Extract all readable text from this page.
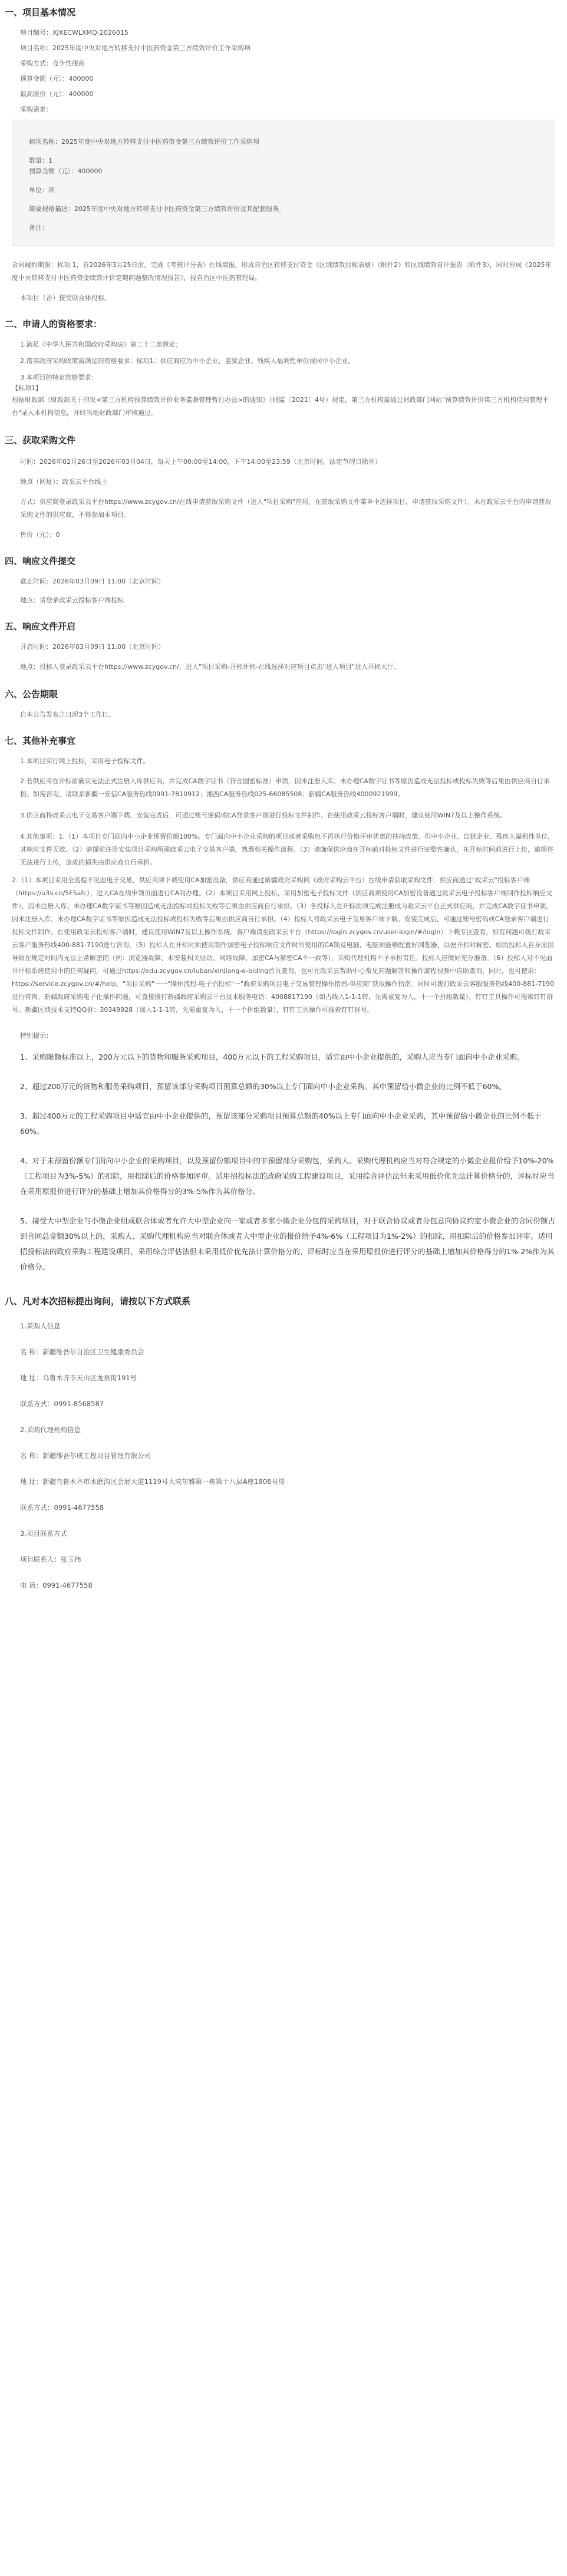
一、项目基本情况

项目编号：XJXECWLXMQ-2026015

项目名称：2025年度中央对地方转移支付中医药资金第三方绩效评价工作采购项

采购方式：竞争性磋商

预算金额（元）：400000

最高限价（元）：400000

采购需求：

标项名称：2025年度中央对地方转移支付中医药资金第三方绩效评价工作采购项

数量：1

预算金额（元）：400000

单位：项

简要规格描述：2025年度中央对地方转移支付中医药资金第三方绩效评价及其配套服务。

备注：

合同履约期限：标项 1，自2026年3月25日前，完成《考核评分表》在线填报，形成自治区转移支付资金（区域绩效目标表格）《附件2》和区域绩效自评报告（附件3），同时形成《2025年度中央转移支付中医药资金绩效评价定期问题整改情况报告》，报自治区中医药管理局。

本项目（否）接受联合体投标。

二、申请人的资格要求：

1.满足《中华人民共和国政府采购法》第二十二条规定；

2.落实政府采购政策需满足的资格要求：标项1：供应商应为中小企业，监狱企业、残疾人福利性单位视同中小企业。

3.本项目的特定资格要求：

【标项1】

根据财政部《财政部关于印发<第三方机构预算绩效评价业务监督管理暂行办法>的通知》（财监〔2021〕4号）规定，第三方机构需通过财政部门网站"预算绩效评价第三方机构信用管理平台"录入本机构信息，并经当地财政部门审核通过。

三、获取采购文件

时间：2026年02月26日至2026年03月04日，每天上午00:00至14:00，下午14:00至23:59（北京时间，法定节假日除外）

地点（网址）：政采云平台线上

方式：供应商登录政采云平台https://www.zcygov.cn/在线申请获取采购文件（进入"项目采购"应用，在获取采购文件菜单中选择项目，申请获取采购文件）。未在政采云平台内申请获取采购文件的供应商，不得参加本项目。

售价（元）：0

四、响应文件提交

截止时间：2026年03月09日 11:00（北京时间）

地点：请登录政采云投标客户端投标

五、响应文件开启

开启时间：2026年03月09日 11:00（北京时间）

地点：投标人登录政采云平台https://www.zcygov.cn/，进入"项目采购-开标评标-在线选择对应项目点击"进入项目"进入开标大厅。

六、公告期限

自本公告发布之日起3个工作日。

七、其他补充事宜

1.本项目实行网上投标，采用电子投标文件。

2.若供应商在开标前确实无法正式注册入库供应商，并完成CA数字证书（符合国密标准）申领，因未注册入库、未办理CA数字证书等原因造成无法投标或投标失败等后果由供应商自行承担。如需咨询，请联系新疆一安信CA服务热线0991-7810912；湘西CA服务热线025-66085508；新疆CA服务热线4000921999。

3.供应商将政采云电子交易客户端下载、安装完成后，可通过账号密码或CA登录客户端进行投标文件制作。在使用政采云投标客户端时，建议使用WIN7及以上操作系统。

4.其他事项：1.（1）本项目专门面向中小企业预留份额100%。专门面向中小企业采购的项目或者采购包不再执行价格评审优惠的扶持政策。但中小企业、监狱企业、残疾人福利性单位，其响应文件无效。（2）请提前注册安装项目采购所需政采云电子交易客户端，熟悉相关操作流程。（3）请确保供应商在开标前对投标文件进行完整性确认，在开标时间前进行上传，逾期将无法进行上传，造成的损失由供应商自行承担。

2.（1）本项目采用全流程不见面电子交易，供应商须下载使用CA加密设备，供应商通过新疆政府采购网（政府采购云平台）在线申请获取采购文件，供应商通过"政采云"投标客户端（https://u3v.cn/5F5afc），进入CA在线申领页面进行CA的办理。（2）本项目采用网上投标，采用加密电子投标文件（供应商须使用CA加密设备通过政采云电子投标客户端制作投标响应文件），因未注册入库、未办理CA数字证书等原因造成无法投标或投标失败等后果由供应商自行承担。（3）各投标人在开标前须完成注册成为政采云平台正式供应商，并完成CA数字证书申领，因未注册入库、未办理CA数字证书等原因造成无法投标或投标失败等后果由供应商自行承担。（4）投标人将政采云电子交易客户端下载、安装完成后，可通过账号密码或CA登录客户端进行投标文件制作。在使用政采云投标客户端时，建议使用WIN7及以上操作系统。客户端请至政采云平台（https://login.zcygov.cn/user-login/#/login）下载专区查看，如有问题可拨打政采云客户服务热线400-881-7190进行咨询。（5）投标人在开标时须使用制作加密电子投标响应文件时所使用的CA锁及电脑，电脑须能够配置好浏览器，以便开标时解密。如因投标人自身原因导致在规定时间内无法正常解密的（例：浏览器故障、未安装相关驱动、网络故障、加密CA与解密CA不一致等），采购代理机构不予承担责任。投标人应做好充分准备。（6）投标人对不见面开评标系统使用中的任何疑问，可通过https://edu.zcygov.cn/luban/xinjiang-e-biding首页查询，也可在政采云帮助中心常见问题解答和操作流程视频中自助查询，同时，也可使用：https://service.zcygov.cn/#/help，"项目采购"一一"操作流程-电子招投标"一"政府采购项目电子交易管理操作指南-供应商"获取操作指南。同时可拨打政采云客服服务热线400-881-7190进行咨询。新疆政府采购电子化操作问题，可直接拨打新疆政府采购云平台技术服务电话：4008817190（如占线入1-1-1转，先需重复为人，十一个拼组数量），钉钉工具操作可搜索钉钉群号。新疆区域技术支持QQ群：30349928（加入1-1-1转，先需重复为人，十一个拼组数量），钉钉工具操作可搜索钉钉群号。

特别提示：

1、采购限额标准以上，200万元以下的货物和服务采购项目，400万元以下的工程采购项目，适宜由中小企业提供的，采购人应当专门面向中小企业采购。

2、超过200万元的货物和服务采购项目，预留该部分采购项目预算总额的30%以上专门面向中小企业采购。其中预留给小微企业的比例不低于60%。

3、超过400万元的工程采购项目中适宜由中小企业提供的，预留该部分采购项目预算总额的40%以上专门面向中小企业采购，其中预留给小微企业的比例不低于60%。

4、对于未预留份额专门面向中小企业的采购项目，以及预留份额项目中的非预留部分采购包，采购人、采购代理机构应当对符合规定的小微企业报价给予10%-20%（工程项目为3%-5%）的扣除，用扣除后的价格参加评审。适用招投标法的政府采购工程建设项目，采用综合评估法但未采用低价优先法计算价格分的，评标时应当在采用原报价进行评分的基础上增加其价格得分的3%-5%作为其价格分。

5、接受大中型企业与小微企业组成联合体或者允许大中型企业向一家或者多家小微企业分包的采购项目，对于联合协议或者分包意向协议约定小微企业的合同份额占到合同总金额30%以上的，采购人、采购代理机构应当对联合体或者大中型企业的报价给予4%-6%（工程项目为1%-2%）的扣除，用扣除后的价格参加评审。适用招投标法的政府采购工程建设项目，采用综合评估法但未采用低价优先法计算价格分的，评标时应当在采用原报价进行评分的基础上增加其价格得分的1%-2%作为其价格分。

八、凡对本次招标提出询问，请按以下方式联系

1.采购人信息

名 称：新疆维吾尔自治区卫生健康委员会

地 址：乌鲁木齐市天山区龙泉街191号

联系方式：0991-8568587

2.采购代理机构信息

名 称：新疆维吾尔成工程项目管理有限公司

地 址：新疆乌鲁木齐市水磨沟区会展大道1119号大成尔雅第一栋第十八层A座1806号房

联系方式：0991-4677558

3.项目联系方式

项目联系人：张玉伟

电 话：0991-4677558
